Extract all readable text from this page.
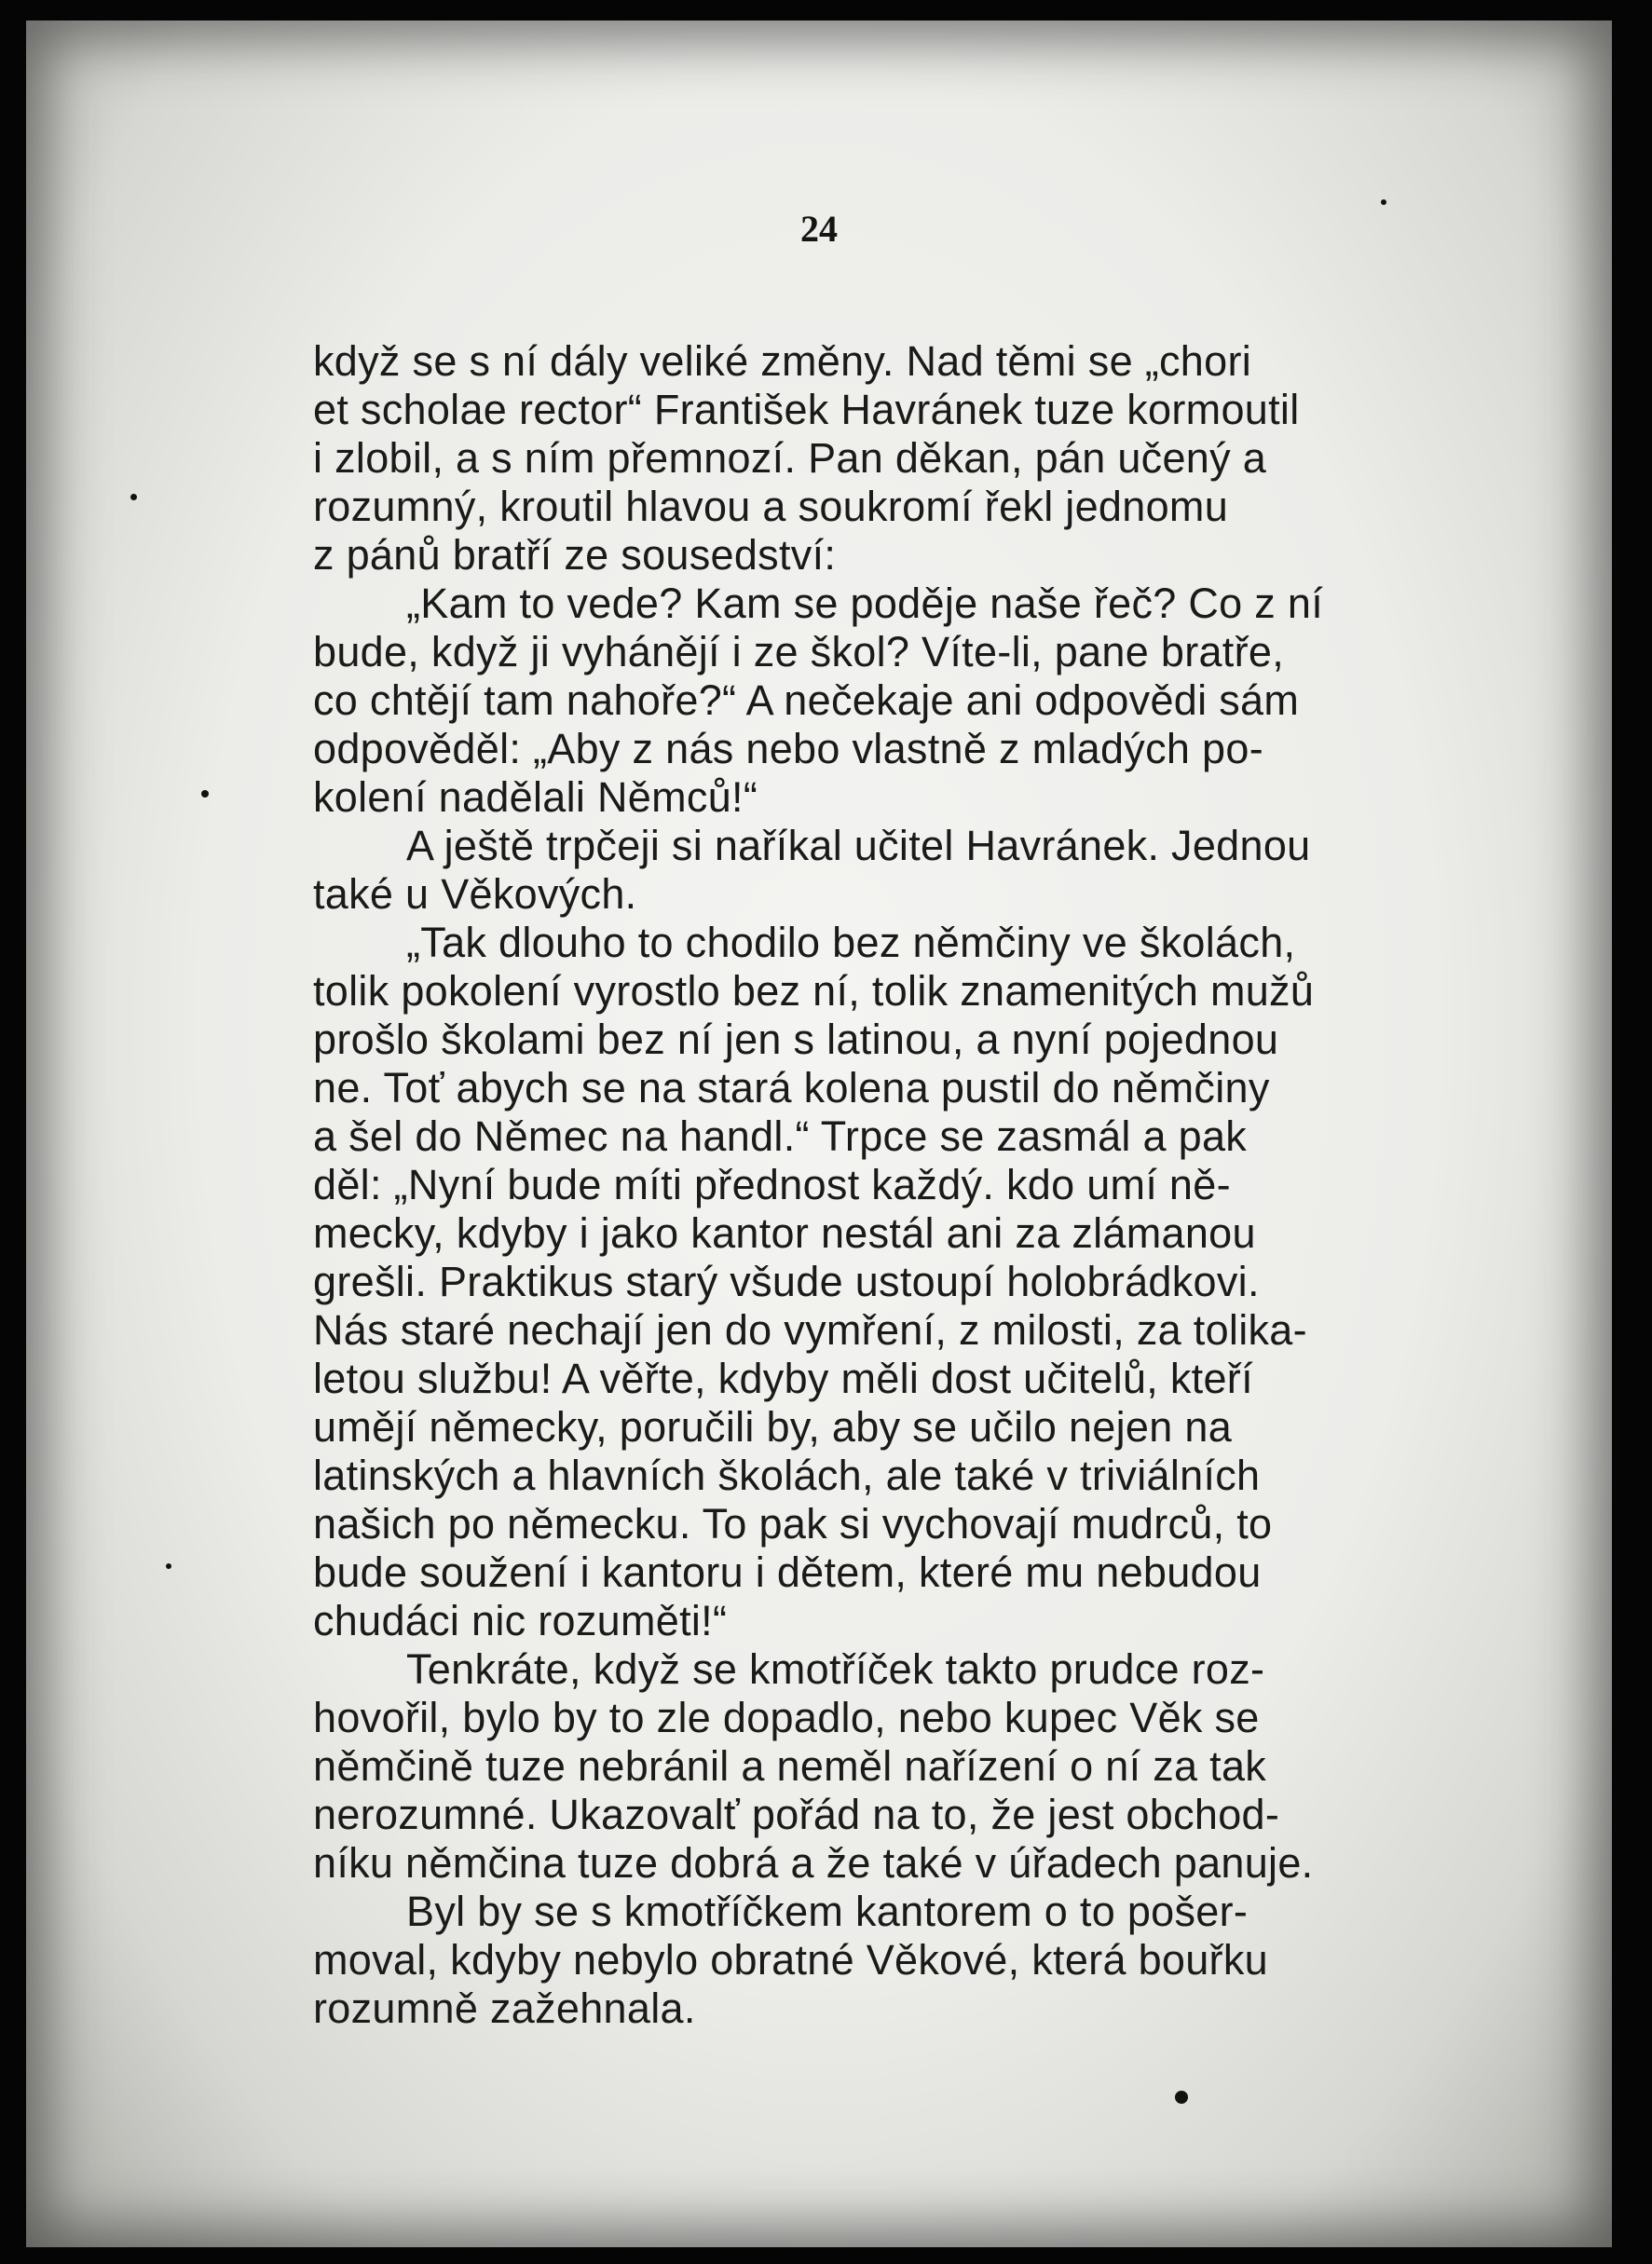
24

když se s ní dály veliké změny. Nad těmi se „chori
et scholae rector“ František Havránek tuze kormoutil
i zlobil, a s ním přemnozí. Pan děkan, pán učený a
rozumný, kroutil hlavou a soukromí řekl jednomu
z pánů bratří ze sousedství:

„Kam to vede? Kam se poděje naše řeč? Co z ní
bude, když ji vyhánějí i ze škol? Víte-li, pane bratře,
co chtějí tam nahoře?“ A nečekaje ani odpovědi sám
odpověděl: „Aby z nás nebo vlastně z mladých po-
kolení nadělali Němců!“

A ještě trpčeji si naříkal učitel Havránek. Jednou
také u Věkových.

„Tak dlouho to chodilo bez němčiny ve školách,
tolik pokolení vyrostlo bez ní, tolik znamenitých mužů
prošlo školami bez ní jen s latinou, a nyní pojednou
ne. Toť abych se na stará kolena pustil do němčiny
a šel do Němec na handl.“ Trpce se zasmál a pak
děl: „Nyní bude míti přednost každý. kdo umí ně-
mecky, kdyby i jako kantor nestál ani za zlámanou
grešli. Praktikus starý všude ustoupí holobrádkovi.
Nás staré nechají jen do vymření, z milosti, za tolika-
letou službu! A věřte, kdyby měli dost učitelů, kteří
umějí německy, poručili by, aby se učilo nejen na
latinských a hlavních školách, ale také v triviálních
našich po německu. To pak si vychovají mudrců, to
bude soužení i kantoru i dětem, které mu nebudou
chudáci nic rozuměti!“

Tenkráte, když se kmotříček takto prudce roz-
hovořil, bylo by to zle dopadlo, nebo kupec Věk se
němčině tuze nebránil a neměl nařízení o ní za tak
nerozumné. Ukazovalť pořád na to, že jest obchod-
níku němčina tuze dobrá a že také v úřadech panuje.

Byl by se s kmotříčkem kantorem o to pošer-
moval, kdyby nebylo obratné Věkové, která bouřku
rozumně zažehnala.
